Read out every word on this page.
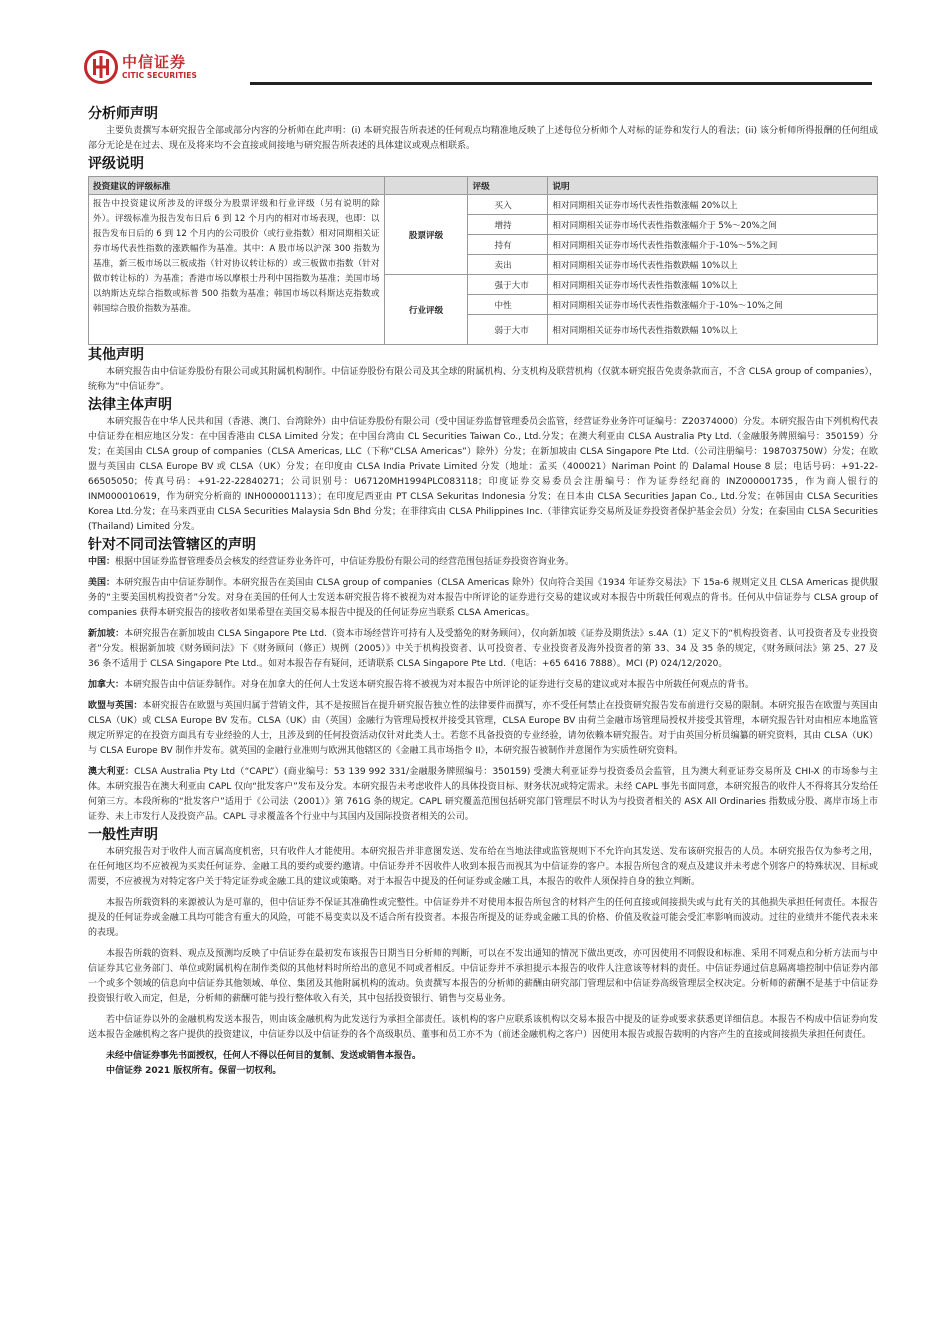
中信证券
CITIC SECURITIES
分析师声明

主要负责撰写本研究报告全部或部分内容的分析师在此声明：(i) 本研究报告所表述的任何观点均精准地反映了上述每位分析师个人对标的证券和发行人的看法；(ii) 该分析师所得报酬的任何组成部分无论是在过去、现在及将来均不会直接或间接地与研究报告所表述的具体建议或观点相联系。

评级说明
投资建议的评级标准		评级	说明
报告中投资建议所涉及的评级分为股票评级和行业评级（另有说明的除外）。评级标准为报告发布日后 6 到 12 个月内的相对市场表现，也即：以报告发布日后的 6 到 12 个月内的公司股价（或行业指数）相对同期相关证券市场代表性指数的涨跌幅作为基准。其中：A 股市场以沪深 300 指数为基准，新三板市场以三板成指（针对协议转让标的）或三板做市指数（针对做市转让标的）为基准；香港市场以摩根士丹利中国指数为基准；美国市场以纳斯达克综合指数或标普 500 指数为基准；韩国市场以科斯达克指数或韩国综合股价指数为基准。	股票评级	买入	相对同期相关证券市场代表性指数涨幅 20%以上
		增持	相对同期相关证券市场代表性指数涨幅介于 5%～20%之间
		持有	相对同期相关证券市场代表性指数涨幅介于-10%～5%之间
		卖出	相对同期相关证券市场代表性指数跌幅 10%以上
	行业评级	强于大市	相对同期相关证券市场代表性指数涨幅 10%以上
		中性	相对同期相关证券市场代表性指数涨幅介于-10%～10%之间
		弱于大市	相对同期相关证券市场代表性指数跌幅 10%以上
其他声明

本研究报告由中信证券股份有限公司或其附属机构制作。中信证券股份有限公司及其全球的附属机构、分支机构及联营机构（仅就本研究报告免责条款而言，不含 CLSA group of companies），统称为“中信证券”。

法律主体声明

本研究报告在中华人民共和国（香港、澳门、台湾除外）由中信证券股份有限公司（受中国证券监督管理委员会监管，经营证券业务许可证编号：Z20374000）分发。本研究报告由下列机构代表中信证券在相应地区分发：在中国香港由 CLSA Limited 分发；在中国台湾由 CL Securities Taiwan Co., Ltd.分发；在澳大利亚由 CLSA Australia Pty Ltd.（金融服务牌照编号：350159）分发；在美国由 CLSA group of companies（CLSA Americas, LLC（下称“CLSA Americas”）除外）分发；在新加坡由 CLSA Singapore Pte Ltd.（公司注册编号：198703750W）分发；在欧盟与英国由 CLSA Europe BV 或 CLSA（UK）分发；在印度由 CLSA India Private Limited 分发（地址：孟买（400021）Nariman Point 的 Dalamal House 8 层；电话号码：+91-22-66505050；传真号码：+91-22-22840271；公司识别号：U67120MH1994PLC083118；印度证券交易委员会注册编号：作为证券经纪商的 INZ000001735，作为商人银行的 INM000010619，作为研究分析商的 INH000001113）；在印度尼西亚由 PT CLSA Sekuritas Indonesia 分发；在日本由 CLSA Securities Japan Co., Ltd.分发；在韩国由 CLSA Securities Korea Ltd.分发；在马来西亚由 CLSA Securities Malaysia Sdn Bhd 分发；在菲律宾由 CLSA Philippines Inc.（菲律宾证券交易所及证券投资者保护基金会员）分发；在泰国由 CLSA Securities (Thailand) Limited 分发。

针对不同司法管辖区的声明

中国：根据中国证券监督管理委员会核发的经营证券业务许可，中信证券股份有限公司的经营范围包括证券投资咨询业务。

美国：本研究报告由中信证券制作。本研究报告在美国由 CLSA group of companies（CLSA Americas 除外）仅向符合美国《1934 年证券交易法》下 15a-6 规则定义且 CLSA Americas 提供服务的“主要美国机构投资者”分发。对身在美国的任何人士发送本研究报告将不被视为对本报告中所评论的证券进行交易的建议或对本报告中所载任何观点的背书。任何从中信证券与 CLSA group of companies 获得本研究报告的接收者如果希望在美国交易本报告中提及的任何证券应当联系 CLSA Americas。

新加坡：本研究报告在新加坡由 CLSA Singapore Pte Ltd.（资本市场经营许可持有人及受豁免的财务顾问），仅向新加坡《证券及期货法》s.4A（1）定义下的“机构投资者、认可投资者及专业投资者”分发。根据新加坡《财务顾问法》下《财务顾问（修正）规例（2005）》中关于机构投资者、认可投资者、专业投资者及海外投资者的第 33、34 及 35 条的规定，《财务顾问法》第 25、27 及 36 条不适用于 CLSA Singapore Pte Ltd.。如对本报告存有疑问，还请联系 CLSA Singapore Pte Ltd.（电话：+65 6416 7888）。MCI (P) 024/12/2020。

加拿大：本研究报告由中信证券制作。对身在加拿大的任何人士发送本研究报告将不被视为对本报告中所评论的证券进行交易的建议或对本报告中所载任何观点的背书。

欧盟与英国：本研究报告在欧盟与英国归属于营销文件，其不是按照旨在提升研究报告独立性的法律要件而撰写，亦不受任何禁止在投资研究报告发布前进行交易的限制。本研究报告在欧盟与英国由 CLSA（UK）或 CLSA Europe BV 发布。CLSA（UK）由（英国）金融行为管理局授权并接受其管理，CLSA Europe BV 由荷兰金融市场管理局授权并接受其管理，本研究报告针对由相应本地监管规定所界定的在投资方面具有专业经验的人士，且涉及到的任何投资活动仅针对此类人士。若您不具备投资的专业经验，请勿依赖本研究报告。对于由英国分析员编纂的研究资料，其由 CLSA（UK）与 CLSA Europe BV 制作并发布。就英国的金融行业准则与欧洲其他辖区的《金融工具市场指令 II》，本研究报告被制作并意图作为实质性研究资料。

澳大利亚：CLSA Australia Pty Ltd（“CAPL”）(商业编号：53 139 992 331/金融服务牌照编号：350159) 受澳大利亚证券与投资委员会监管，且为澳大利亚证券交易所及 CHI-X 的市场参与主体。本研究报告在澳大利亚由 CAPL 仅向“批发客户”发布及分发。本研究报告未考虑收件人的具体投资目标、财务状况或特定需求。未经 CAPL 事先书面同意，本研究报告的收件人不得将其分发给任何第三方。本段所称的“批发客户”适用于《公司法（2001）》第 761G 条的规定。CAPL 研究覆盖范围包括研究部门管理层不时认为与投资者相关的 ASX All Ordinaries 指数成分股、离岸市场上市证券、未上市发行人及投资产品。CAPL 寻求覆盖各个行业中与其国内及国际投资者相关的公司。

一般性声明

本研究报告对于收件人而言属高度机密，只有收件人才能使用。本研究报告并非意图发送、发布给在当地法律或监管规则下不允许向其发送、发布该研究报告的人员。本研究报告仅为参考之用，在任何地区均不应被视为买卖任何证券、金融工具的要约或要约邀请。中信证券并不因收件人收到本报告而视其为中信证券的客户。本报告所包含的观点及建议并未考虑个别客户的特殊状况、目标或需要，不应被视为对特定客户关于特定证券或金融工具的建议或策略。对于本报告中提及的任何证券或金融工具，本报告的收件人须保持自身的独立判断。

本报告所载资料的来源被认为是可靠的，但中信证券不保证其准确性或完整性。中信证券并不对使用本报告所包含的材料产生的任何直接或间接损失或与此有关的其他损失承担任何责任。本报告提及的任何证券或金融工具均可能含有重大的风险，可能不易变卖以及不适合所有投资者。本报告所提及的证券或金融工具的价格、价值及收益可能会受汇率影响而波动。过往的业绩并不能代表未来的表现。

本报告所载的资料、观点及预测均反映了中信证券在最初发布该报告日期当日分析师的判断，可以在不发出通知的情况下做出更改，亦可因使用不同假设和标准、采用不同观点和分析方法而与中信证券其它业务部门、单位或附属机构在制作类似的其他材料时所给出的意见不同或者相反。中信证券并不承担提示本报告的收件人注意该等材料的责任。中信证券通过信息隔离墙控制中信证券内部一个或多个领域的信息向中信证券其他领域、单位、集团及其他附属机构的流动。负责撰写本报告的分析师的薪酬由研究部门管理层和中信证券高级管理层全权决定。分析师的薪酬不是基于中信证券投资银行收入而定，但是，分析师的薪酬可能与投行整体收入有关，其中包括投资银行、销售与交易业务。

若中信证券以外的金融机构发送本报告，则由该金融机构为此发送行为承担全部责任。该机构的客户应联系该机构以交易本报告中提及的证券或要求获悉更详细信息。本报告不构成中信证券向发送本报告金融机构之客户提供的投资建议，中信证券以及中信证券的各个高级职员、董事和员工亦不为（前述金融机构之客户）因使用本报告或报告载明的内容产生的直接或间接损失承担任何责任。

未经中信证券事先书面授权，任何人不得以任何目的复制、发送或销售本报告。

中信证券 2021 版权所有。保留一切权利。
